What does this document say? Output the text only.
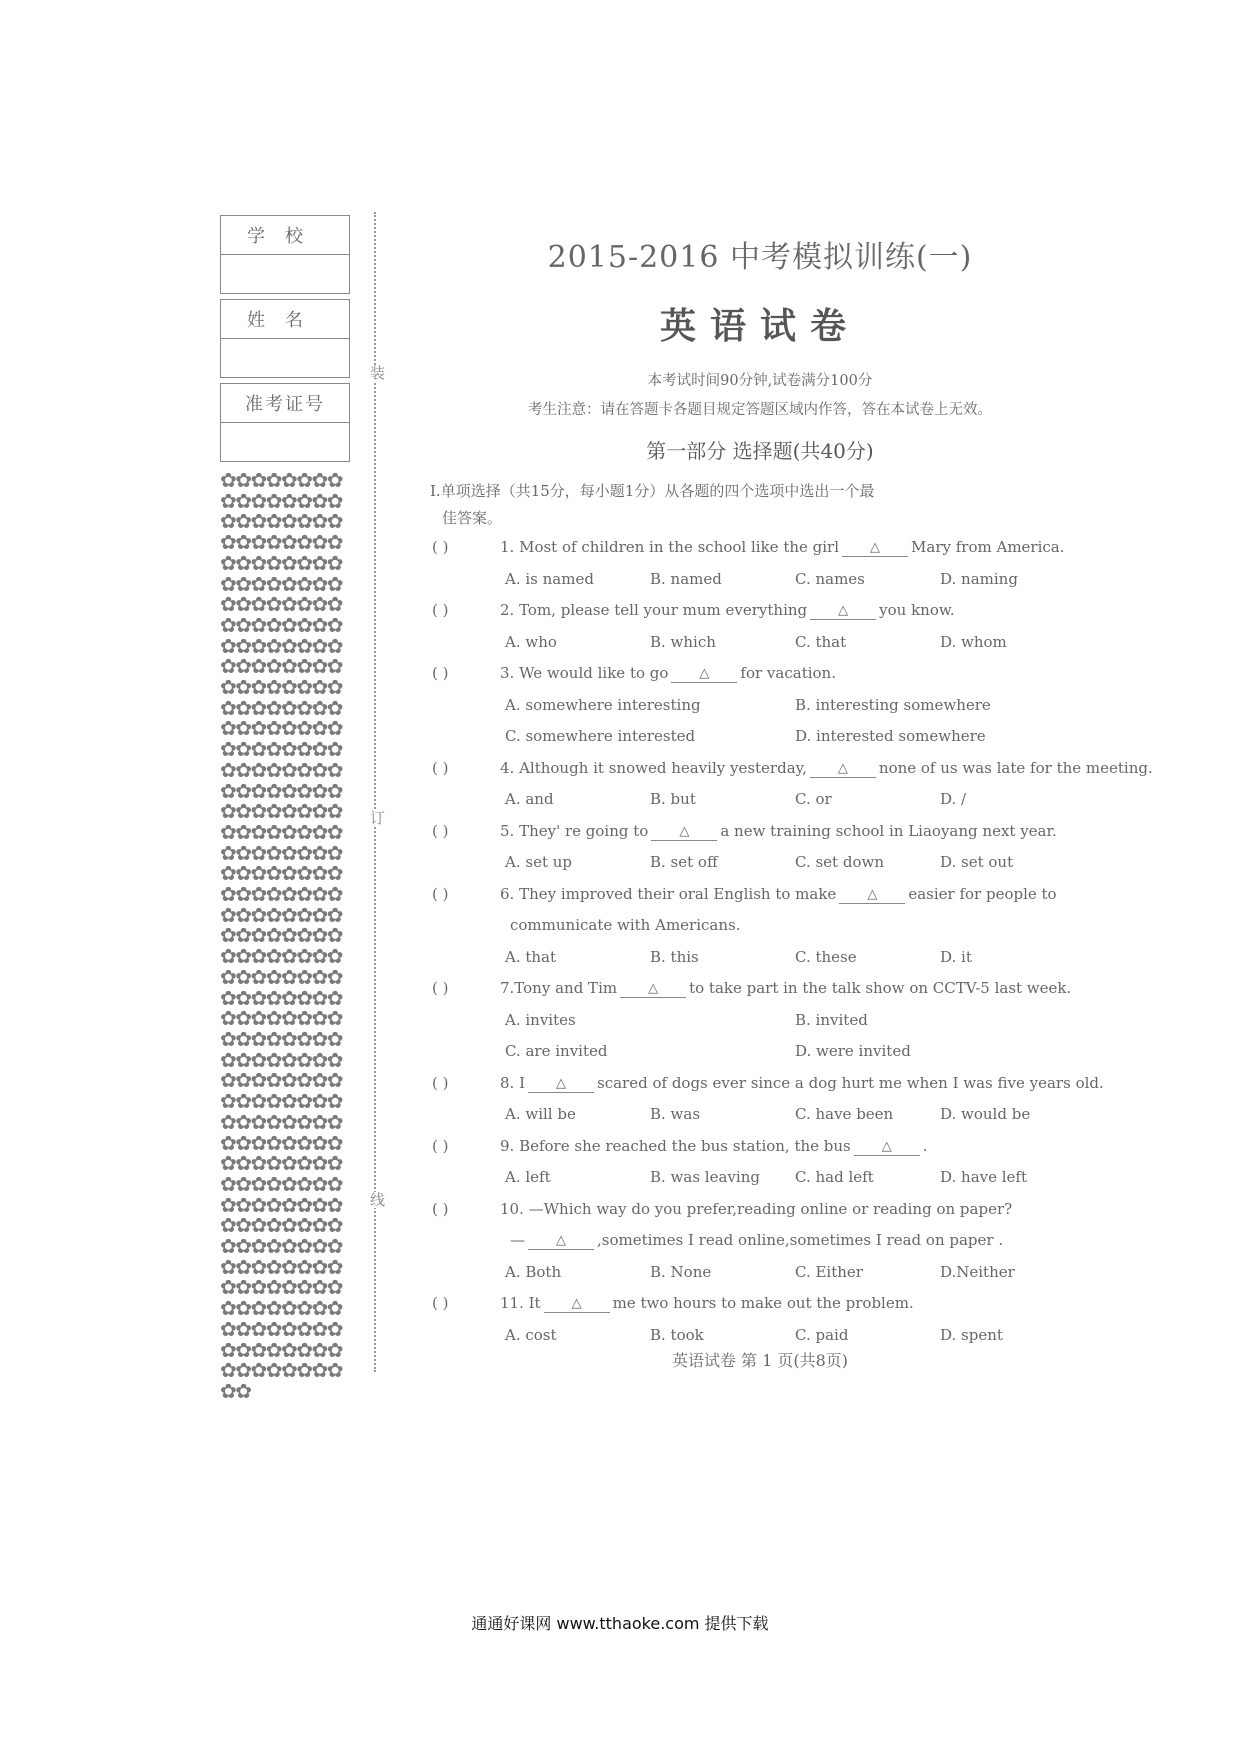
学校
姓名
准考证号
✿✿✿✿✿✿✿✿✿✿✿✿✿✿✿✿✿✿✿✿✿✿✿✿✿✿✿✿✿✿✿✿✿✿✿✿✿✿✿✿✿✿✿✿✿✿✿✿✿✿✿✿✿✿✿✿✿✿✿✿✿✿✿✿✿✿✿✿✿✿✿✿✿✿✿✿✿✿✿✿✿✿✿✿✿✿✿✿✿✿✿✿✿✿✿✿✿✿✿✿✿✿✿✿✿✿✿✿✿✿✿✿✿✿✿✿✿✿✿✿✿✿✿✿✿✿✿✿✿✿✿✿✿✿✿✿✿✿✿✿✿✿✿✿✿✿✿✿✿✿✿✿✿✿✿✿✿✿✿✿✿✿✿✿✿✿✿✿✿✿✿✿✿✿✿✿✿✿✿✿✿✿✿✿✿✿✿✿✿✿✿✿✿✿✿✿✿✿✿✿✿✿✿✿✿✿✿✿✿✿✿✿✿✿✿✿✿✿✿✿✿✿✿✿✿✿✿✿✿✿✿✿✿✿✿✿✿✿✿✿✿✿✿✿✿✿✿✿✿✿✿✿✿✿✿✿✿✿✿✿✿✿✿✿✿✿✿✿✿✿✿✿✿✿✿✿✿✿✿✿✿✿✿✿✿✿✿✿✿✿✿✿✿✿✿✿✿✿✿✿✿✿✿✿✿✿✿✿✿✿✿✿✿✿✿✿✿✿✿✿✿✿✿✿✿✿✿✿✿✿✿✿✿✿✿✿✿✿✿✿✿✿✿✿✿✿✿✿✿✿✿✿✿✿
装
订
线
2015-2016 中考模拟训练(一)
英语试卷
本考试时间90分钟,试卷满分100分
考生注意：请在答题卡各题目规定答题区域内作答，答在本试卷上无效。
第一部分 选择题(共40分)
Ⅰ.单项选择（共15分，每小题1分）从各题的四个选项中选出一个最
佳答案。
( )	1. Most of children in the school like the girl △ Mary from America.
A. is named	B. named	C. names	D. naming
( )	2. Tom, please tell your mum everything △ you know.
A. who	B. which	C. that	D. whom
( )	3. We would like to go △ for vacation.
A. somewhere interesting	B. interesting somewhere
C. somewhere interested	D. interested somewhere
( )	4. Although it snowed heavily yesterday, △ none of us was late for the meeting.
A. and	B. but	C. or	D. /
( )	5. They' re going to △ a new training school in Liaoyang next year.
A. set up	B. set off	C. set down	D. set out
( )	6. They improved their oral English to make △ easier for people to
communicate with Americans.
A. that	B. this	C. these	D. it
( )	7.Tony and Tim △ to take part in the talk show on CCTV-5 last week.
A. invites	B. invited
C. are invited	D. were invited
( )	8. I △ scared of dogs ever since a dog hurt me when I was five years old.
A. will be	B. was	C. have been	D. would be
( )	9. Before she reached the bus station, the bus △ .
A. left	B. was leaving	C. had left	D. have left
( )	10. —Which way do you prefer,reading online or reading on paper?
— △ ,sometimes I read online,sometimes I read on paper .
A. Both	B. None	C. Either	D.Neither
( )	11. It △ me two hours to make out the problem.
A. cost	B. took	C. paid	D. spent
英语试卷 第 1 页(共8页)
通通好课网 www.tthaoke.com 提供下载
